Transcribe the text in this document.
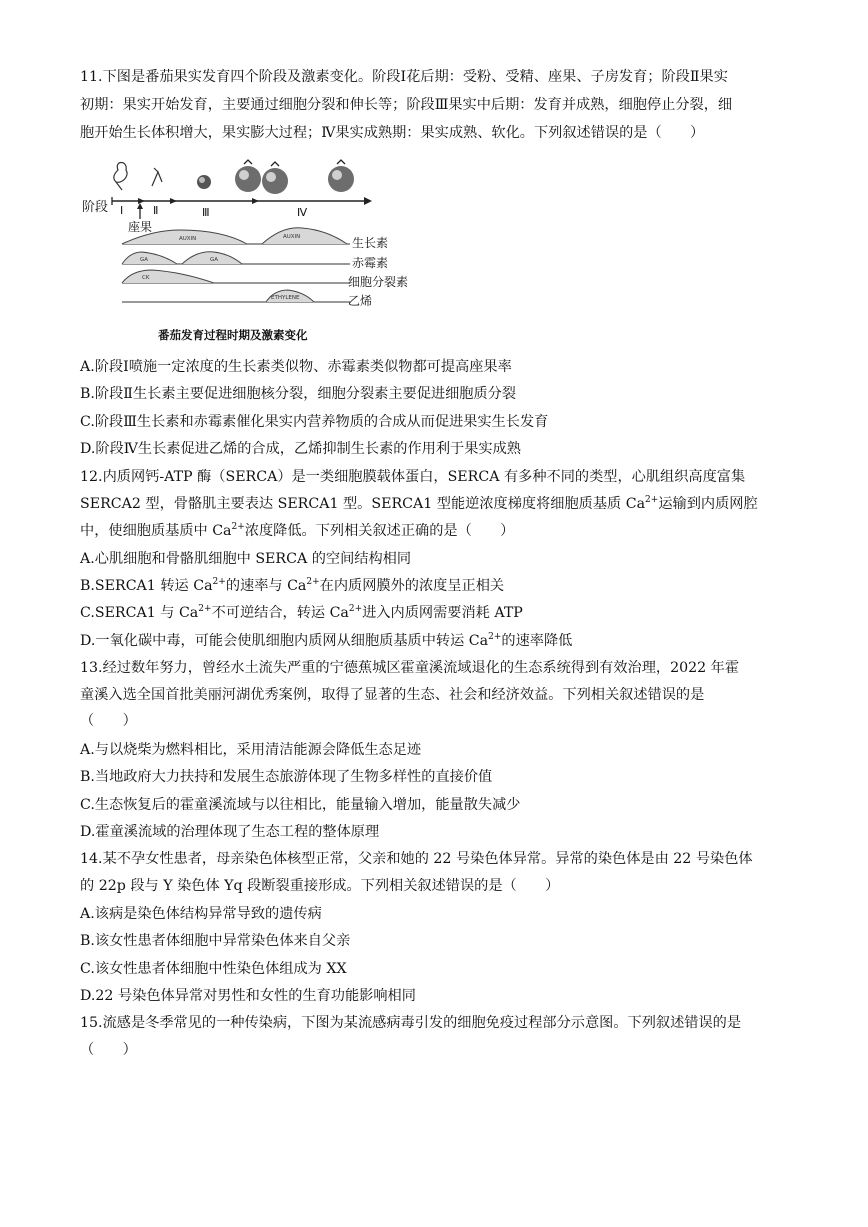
11.下图是番茄果实发育四个阶段及激素变化。阶段Ⅰ花后期：受粉、受精、座果、子房发育；阶段Ⅱ果实
初期：果实开始发育，主要通过细胞分裂和伸长等；阶段Ⅲ果实中后期：发育并成熟，细胞停止分裂，细
胞开始生长体积增大，果实膨大过程；Ⅳ果实成熟期：果实成熟、软化。下列叙述错误的是（　　）
阶段 Ⅰ	Ⅱ	Ⅲ	Ⅳ
座果
AUXIN	AUXIN	生长素
GA	GA	赤霉素
CK	细胞分裂素
ETHYLENE	乙烯
番茄发育过程时期及激素变化
A.阶段Ⅰ喷施一定浓度的生长素类似物、赤霉素类似物都可提高座果率
B.阶段Ⅱ生长素主要促进细胞核分裂，细胞分裂素主要促进细胞质分裂
C.阶段Ⅲ生长素和赤霉素催化果实内营养物质的合成从而促进果实生长发育
D.阶段Ⅳ生长素促进乙烯的合成，乙烯抑制生长素的作用利于果实成熟
12.内质网钙-ATP 酶（SERCA）是一类细胞膜载体蛋白，SERCA 有多种不同的类型，心肌组织高度富集
SERCA2 型，骨骼肌主要表达 SERCA1 型。SERCA1 型能逆浓度梯度将细胞质基质 $Ca^{2+}$运输到内质网腔
中，使细胞质基质中 $Ca^{2+}$浓度降低。下列相关叙述正确的是（　　）
A.心肌细胞和骨骼肌细胞中 SERCA 的空间结构相同
B.SERCA1 转运 $Ca^{2+}$的速率与 $Ca^{2+}$在内质网膜外的浓度呈正相关
C.SERCA1 与 $Ca^{2+}$不可逆结合，转运 $Ca^{2+}$进入内质网需要消耗 ATP
D.一氧化碳中毒，可能会使肌细胞内质网从细胞质基质中转运 $Ca^{2+}$的速率降低
13.经过数年努力，曾经水土流失严重的宁德蕉城区霍童溪流域退化的生态系统得到有效治理，2022 年霍
童溪入选全国首批美丽河湖优秀案例，取得了显著的生态、社会和经济效益。下列相关叙述错误的是
（　　）
A.与以烧柴为燃料相比，采用清洁能源会降低生态足迹
B.当地政府大力扶持和发展生态旅游体现了生物多样性的直接价值
C.生态恢复后的霍童溪流域与以往相比，能量输入增加，能量散失减少
D.霍童溪流域的治理体现了生态工程的整体原理
14.某不孕女性患者，母亲染色体核型正常，父亲和她的 22 号染色体异常。异常的染色体是由 22 号染色体
的 22p 段与 Y 染色体 Yq 段断裂重接形成。下列相关叙述错误的是（　　）
A.该病是染色体结构异常导致的遗传病
B.该女性患者体细胞中异常染色体来自父亲
C.该女性患者体细胞中性染色体组成为 XX
D.22 号染色体异常对男性和女性的生育功能影响相同
15.流感是冬季常见的一种传染病，下图为某流感病毒引发的细胞免疫过程部分示意图。下列叙述错误的是
（　　）
